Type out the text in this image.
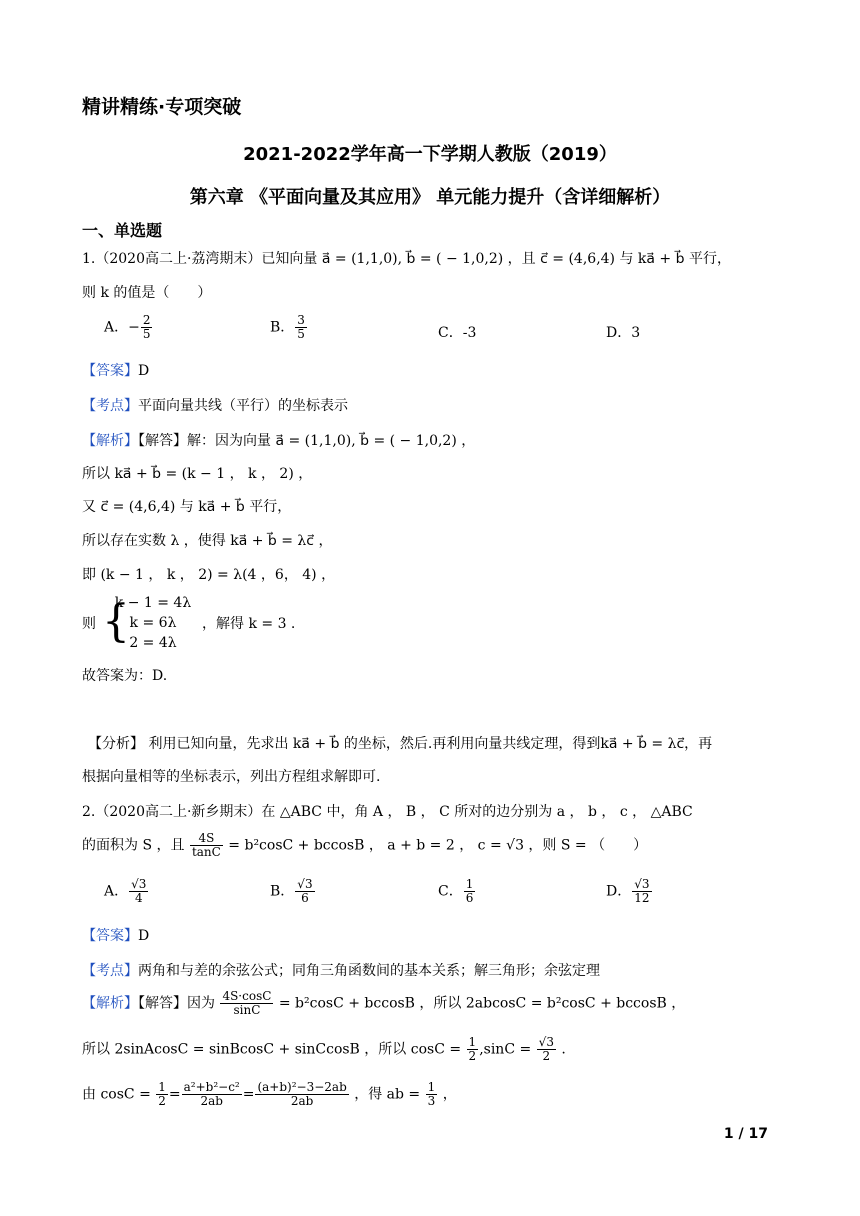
精讲精练·专项突破
2021-2022学年高一下学期人教版（2019）
第六章 《平面向量及其应用》 单元能力提升（含详细解析）
一、单选题
1.（2020高二上·荔湾期末）已知向量 a⃗ = (1,1,0), b⃗ = ( − 1,0,2) ，且 c⃗ = (4,6,4) 与 ka⃗ + b⃗ 平行，
则 k 的值是（　　）
A．− $\frac{2}{5}$	B． $\frac{3}{5}$	C．-3	D．3
【答案】D
【考点】平面向量共线（平行）的坐标表示
【解析】【解答】解：因为向量 a⃗ = (1,1,0), b⃗ = ( − 1,0,2) ，
所以 ka⃗ + b⃗ = (k − 1 ， k ， 2) ，
又 c⃗ = (4,6,4) 与 ka⃗ + b⃗ 平行，
所以存在实数 λ ，使得 ka⃗ + b⃗ = λc⃗ ，
即 (k − 1 ， k ， 2) = λ(4 ，6， 4) ，
则 {
k − 1 = 4λ
k = 6λ
2 = 4λ
，解得 k = 3 .
故答案为：D.
【分析】 利用已知向量，先求出 ka⃗ + b⃗ 的坐标，然后.再利用向量共线定理，得到ka⃗ + b⃗ = λc⃗，再
根据向量相等的坐标表示，列出方程组求解即可.
2.（2020高二上·新乡期末）在 △ABC 中，角 A ， B ， C 所对的边分别为 a ， b ， c ， △ABC
的面积为 S ，且 $\frac{4S}{\tan C} = b^2\cos C + bccosB$ ， a + b = 2 ， c = √3 ，则 S = （　　）
A． $\frac{√3}{4}$	B． $\frac{√3}{6}$	C． $\frac{1}{6}$	D． $\frac{√3}{12}$
【答案】D
【考点】两角和与差的余弦公式；同角三角函数间的基本关系；解三角形；余弦定理
【解析】【解答】因为 $\frac{4S\cdot\cos C}{\sin C} = b^2\cos C + bccosB$ ，所以 2abcosC = b²cosC + bccosB ，
所以 2sinAcosC = sinBcosC + sinCcosB ，所以 $\cos C = \frac{1}{2} ,\sin C = \frac{√3}{2}$ .
由 $\cos C = \frac{1}{2} = \frac{\text{a²+b²−c²}}{2ab} = \frac{\text{(a+b)²−3−2ab}}{2ab}$ ，得 ab = $\frac{1}{3}$ ，
1 / 17
